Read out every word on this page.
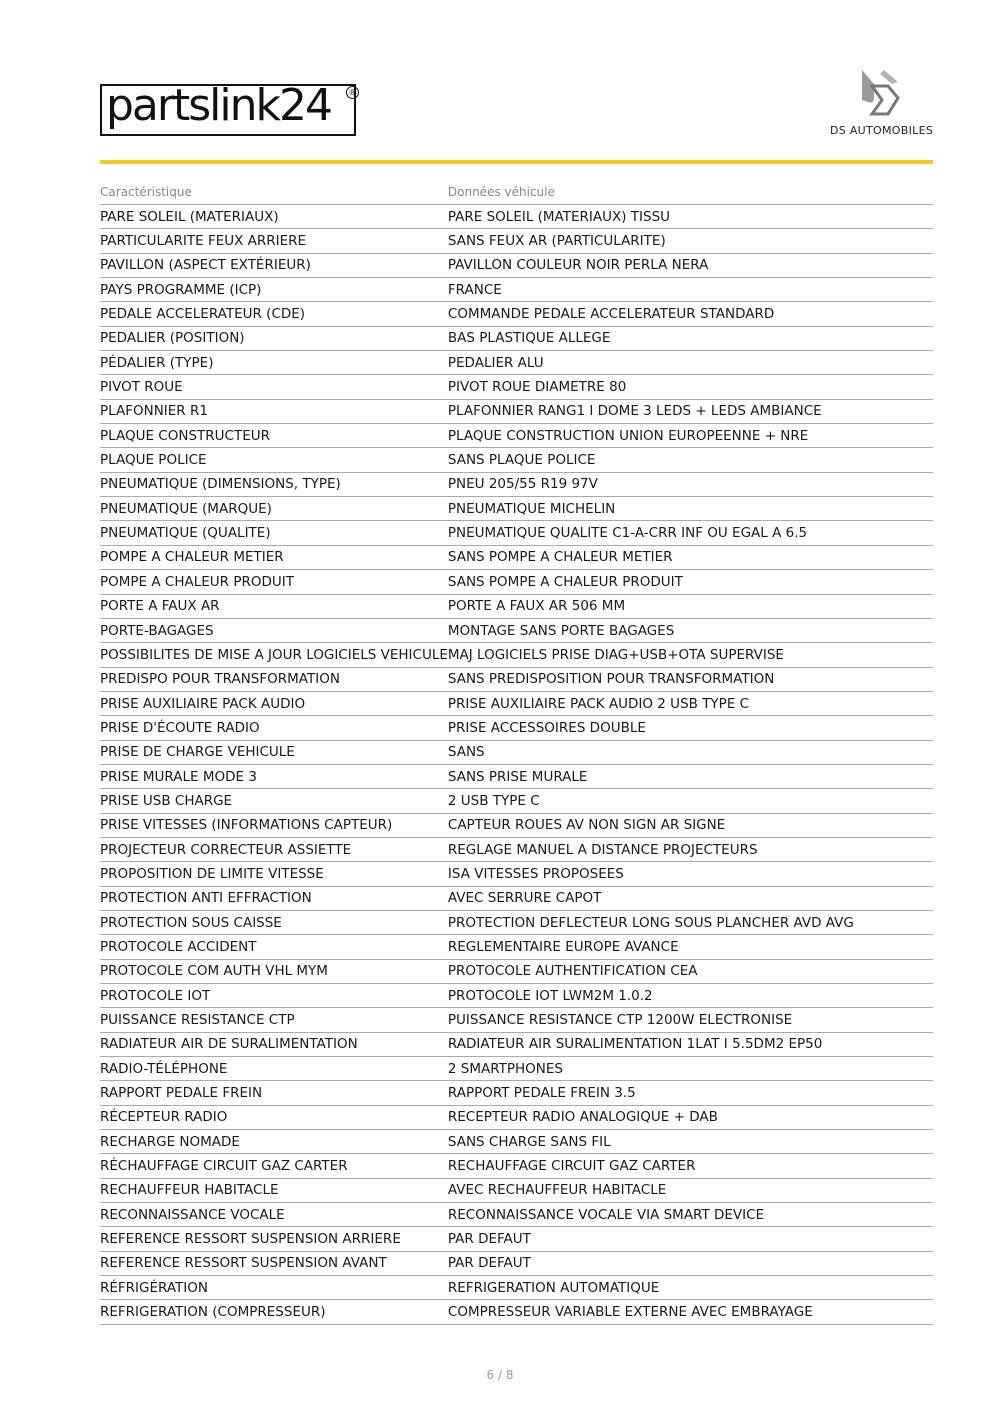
partslink24	®
DS AUTOMOBILES
Caractéristique	Données véhicule
PARE SOLEIL (MATERIAUX)	PARE SOLEIL (MATERIAUX) TISSU
PARTICULARITE FEUX ARRIERE	SANS FEUX AR (PARTICULARITE)
PAVILLON (ASPECT EXTÉRIEUR)	PAVILLON COULEUR NOIR PERLA NERA
PAYS PROGRAMME (ICP)	FRANCE
PEDALE ACCELERATEUR (CDE)	COMMANDE PEDALE ACCELERATEUR STANDARD
PEDALIER (POSITION)	BAS PLASTIQUE ALLEGE
PÉDALIER (TYPE)	PEDALIER ALU
PIVOT ROUE	PIVOT ROUE DIAMETRE 80
PLAFONNIER R1	PLAFONNIER RANG1 I DOME 3 LEDS + LEDS AMBIANCE
PLAQUE CONSTRUCTEUR	PLAQUE CONSTRUCTION UNION EUROPEENNE + NRE
PLAQUE POLICE	SANS PLAQUE POLICE
PNEUMATIQUE (DIMENSIONS, TYPE)	PNEU 205/55 R19 97V
PNEUMATIQUE (MARQUE)	PNEUMATIQUE MICHELIN
PNEUMATIQUE (QUALITE)	PNEUMATIQUE QUALITE C1-A-CRR INF OU EGAL A 6.5
POMPE A CHALEUR METIER	SANS POMPE A CHALEUR METIER
POMPE A CHALEUR PRODUIT	SANS POMPE A CHALEUR PRODUIT
PORTE A FAUX AR	PORTE A FAUX AR 506 MM
PORTE-BAGAGES	MONTAGE SANS PORTE BAGAGES
POSSIBILITES DE MISE A JOUR LOGICIELS VEHICULE	MAJ LOGICIELS PRISE DIAG+USB+OTA SUPERVISE
PREDISPO POUR TRANSFORMATION	SANS PREDISPOSITION POUR TRANSFORMATION
PRISE AUXILIAIRE PACK AUDIO	PRISE AUXILIAIRE PACK AUDIO 2 USB TYPE C
PRISE D'ÉCOUTE RADIO	PRISE ACCESSOIRES DOUBLE
PRISE DE CHARGE VEHICULE	SANS
PRISE MURALE MODE 3	SANS PRISE MURALE
PRISE USB CHARGE	2 USB TYPE C
PRISE VITESSES (INFORMATIONS CAPTEUR)	CAPTEUR ROUES AV NON SIGN AR SIGNE
PROJECTEUR CORRECTEUR ASSIETTE	REGLAGE MANUEL A DISTANCE PROJECTEURS
PROPOSITION DE LIMITE VITESSE	ISA VITESSES PROPOSEES
PROTECTION ANTI EFFRACTION	AVEC SERRURE CAPOT
PROTECTION SOUS CAISSE	PROTECTION DEFLECTEUR LONG SOUS PLANCHER AVD AVG
PROTOCOLE ACCIDENT	REGLEMENTAIRE EUROPE AVANCE
PROTOCOLE COM AUTH VHL MYM	PROTOCOLE AUTHENTIFICATION CEA
PROTOCOLE IOT	PROTOCOLE IOT LWM2M 1.0.2
PUISSANCE RESISTANCE CTP	PUISSANCE RESISTANCE CTP 1200W ELECTRONISE
RADIATEUR AIR DE SURALIMENTATION	RADIATEUR AIR SURALIMENTATION 1LAT I 5.5DM2 EP50
RADIO-TÉLÉPHONE	2 SMARTPHONES
RAPPORT PEDALE FREIN	RAPPORT PEDALE FREIN 3.5
RÉCEPTEUR RADIO	RECEPTEUR RADIO ANALOGIQUE + DAB
RECHARGE NOMADE	SANS CHARGE SANS FIL
RÉCHAUFFAGE CIRCUIT GAZ CARTER	RECHAUFFAGE CIRCUIT GAZ CARTER
RECHAUFFEUR HABITACLE	AVEC RECHAUFFEUR HABITACLE
RECONNAISSANCE VOCALE	RECONNAISSANCE VOCALE VIA SMART DEVICE
REFERENCE RESSORT SUSPENSION ARRIERE	PAR DEFAUT
REFERENCE RESSORT SUSPENSION AVANT	PAR DEFAUT
RÉFRIGÉRATION	REFRIGERATION AUTOMATIQUE
REFRIGERATION (COMPRESSEUR)	COMPRESSEUR VARIABLE EXTERNE AVEC EMBRAYAGE
6 / 8
